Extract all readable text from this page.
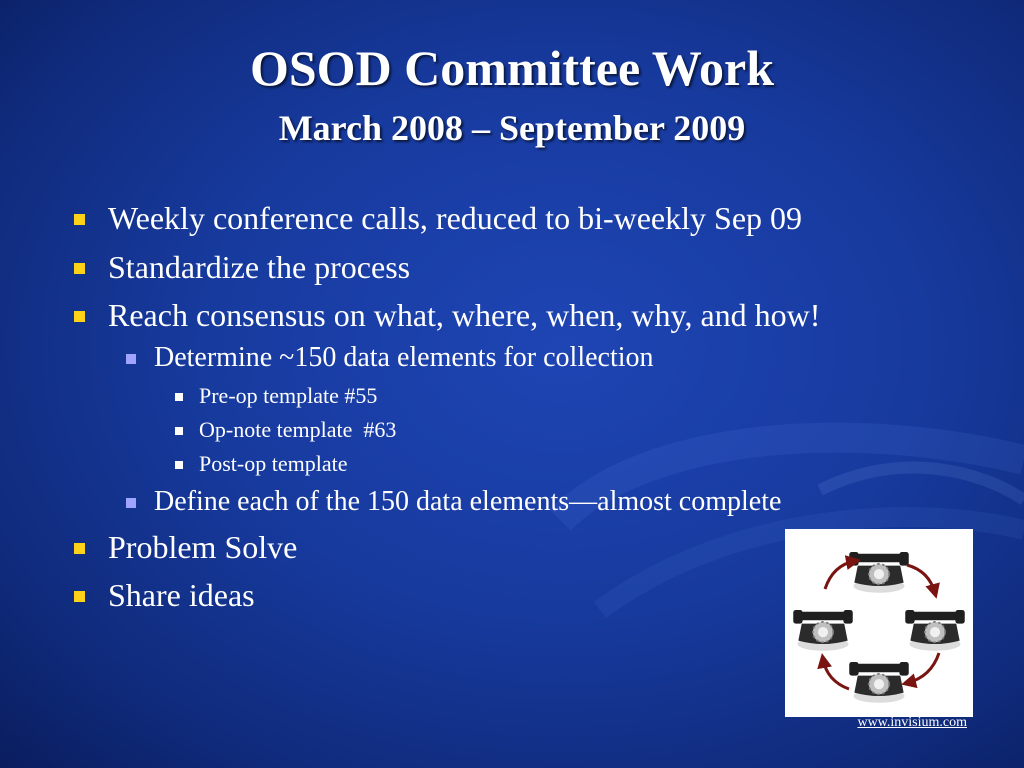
OSOD Committee Work
March 2008 – September 2009
Weekly conference calls, reduced to bi-weekly Sep 09
Standardize the process
Reach consensus on what, where, when, why, and how!
Determine ~150 data elements for collection
Pre-op template #55
Op-note template  #63
Post-op template
Define each of the 150 data elements—almost complete
Problem Solve
Share ideas
www.invisium.com
